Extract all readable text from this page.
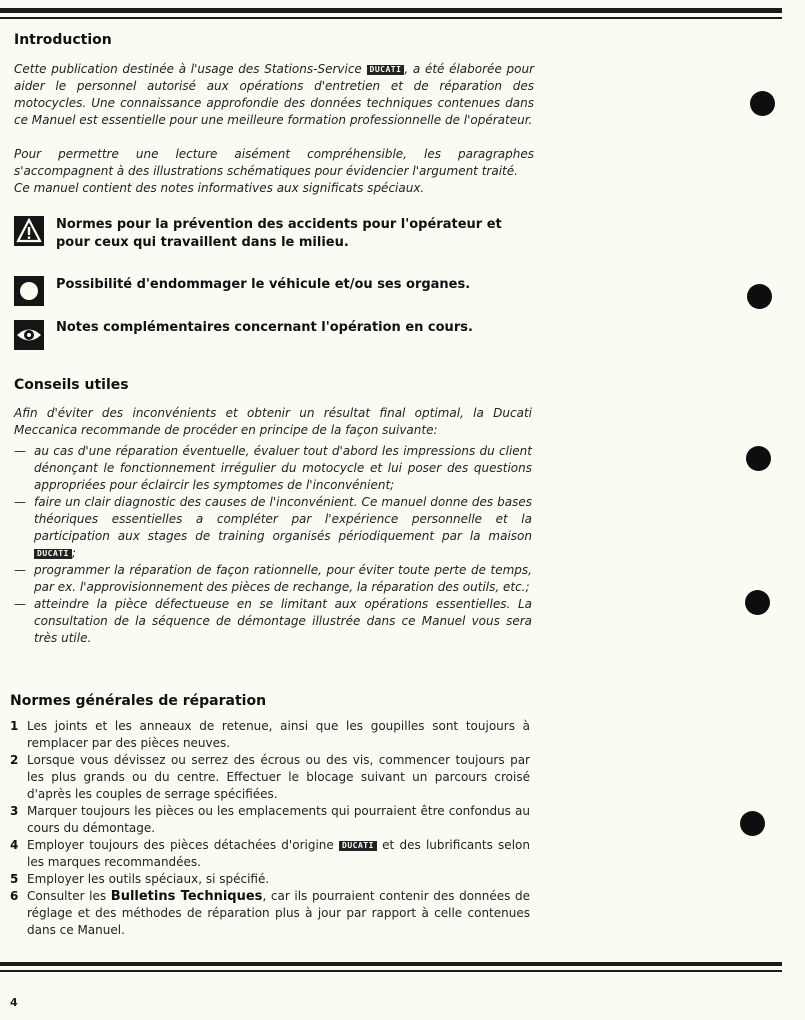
Introduction

Cette publication destinée à l'usage des Stations-Service DUCATI , a été élaborée pour aider le personnel autorisé aux opérations d'entretien et de réparation des motocycles. Une connaissance approfondie des données techniques contenues dans ce Manuel est essentielle pour une meilleure formation professionnelle de l'opérateur.

Pour permettre une lecture aisément compréhensible, les paragraphes s'accompagnent à des illustrations schématiques pour évidencier l'argument traité.

Ce manuel contient des notes informatives aux significats spéciaux.

Normes pour la prévention des accidents pour l'opérateur et pour ceux qui travaillent dans le milieu.

Possibilité d'endommager le véhicule et/ou ses organes.

Notes complémentaires concernant l'opération en cours.

Conseils utiles

Afin d'éviter des inconvénients et obtenir un résultat final optimal, la Ducati Meccanica recommande de procéder en principe de la façon suivante:

— au cas d'une réparation éventuelle, évaluer tout d'abord les impressions du client dénonçant le fonctionnement irrégulier du motocycle et lui poser des questions appropriées pour éclaircir les symptomes de l'inconvénient;
— faire un clair diagnostic des causes de l'inconvénient. Ce manuel donne des bases théoriques essentielles a compléter par l'expérience personnelle et la participation aux stages de training organisés périodiquement par la maison DUCATI ;
— programmer la réparation de façon rationnelle, pour éviter toute perte de temps, par ex. l'approvisionnement des pièces de rechange, la réparation des outils, etc.;
— atteindre la pièce défectueuse en se limitant aux opérations essentielles. La consultation de la séquence de démontage illustrée dans ce Manuel vous sera très utile.
Normes générales de réparation
1 Les joints et les anneaux de retenue, ainsi que les goupilles sont toujours à remplacer par des pièces neuves.
2 Lorsque vous dévissez ou serrez des écrous ou des vis, commencer toujours par les plus grands ou du centre. Effectuer le blocage suivant un parcours croisé d'après les couples de serrage spécifiées.
3 Marquer toujours les pièces ou les emplacements qui pourraient être confondus au cours du démontage.
4 Employer toujours des pièces détachées d'origine DUCATI et des lubrificants selon les marques recommandées.
5 Employer les outils spéciaux, si spécifié.
6 Consulter les Bulletins Techniques, car ils pourraient contenir des données de réglage et des méthodes de réparation plus à jour par rapport à celle contenues dans ce Manuel.
4
